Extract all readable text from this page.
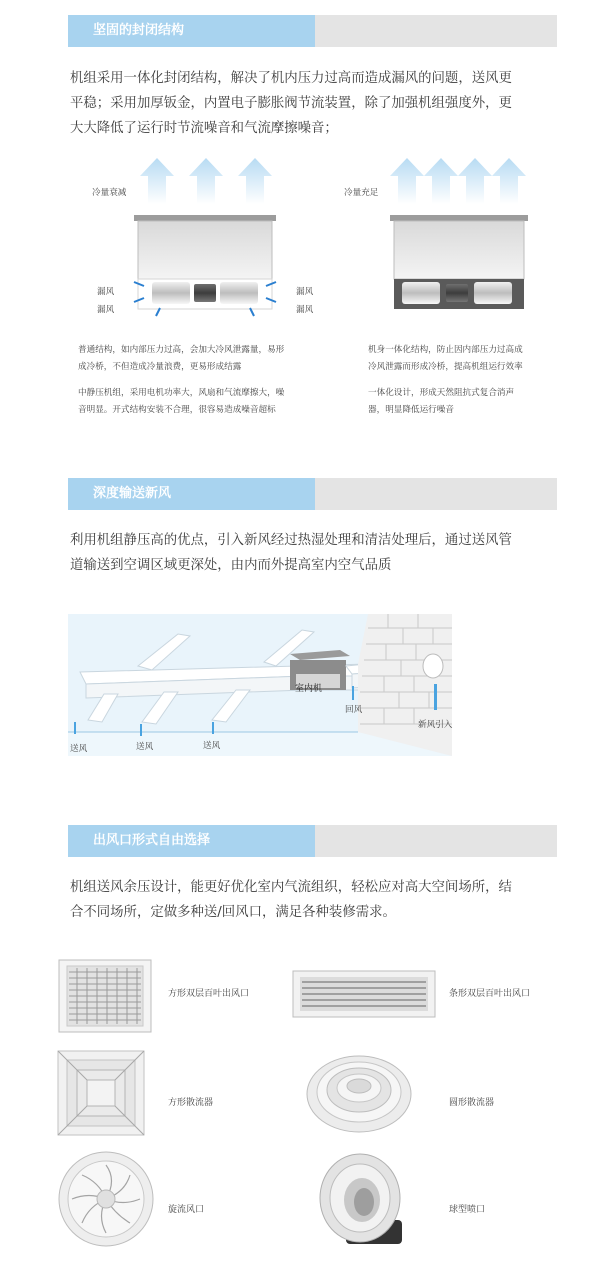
坚固的封闭结构
机组采用一体化封闭结构，解决了机内压力过高而造成漏风的问题，送风更
平稳；采用加厚钣金，内置电子膨胀阀节流装置，除了加强机组强度外，更
大大降低了运行时节流噪音和气流摩擦噪音；
冷量衰减
漏风
漏风
漏风
漏风
冷量充足
普通结构，如内部压力过高，会加大冷风泄露量，易形
成冷桥，不但造成冷量浪费，更易形成结露
中静压机组，采用电机功率大，风扇和气流摩擦大，噪
音明显。开式结构安装不合理，很容易造成噪音超标
机身一体化结构，防止因内部压力过高成
冷风泄露而形成冷桥，提高机组运行效率
一体化设计，形成天然阻抗式复合消声
器，明显降低运行噪音
深度输送新风
利用机组静压高的优点，引入新风经过热湿处理和清洁处理后，通过送风管
道输送到空调区域更深处，由内而外提高室内空气品质
室内机
回风
新风引入
送风	送风	送风
出风口形式自由选择
机组送风余压设计，能更好优化室内气流组织，轻松应对高大空间场所，结
合不同场所，定做多种送/回风口，满足各种装修需求。
方形双层百叶出风口	条形双层百叶出风口
方形散流器	圆形散流器
旋流风口	球型喷口
